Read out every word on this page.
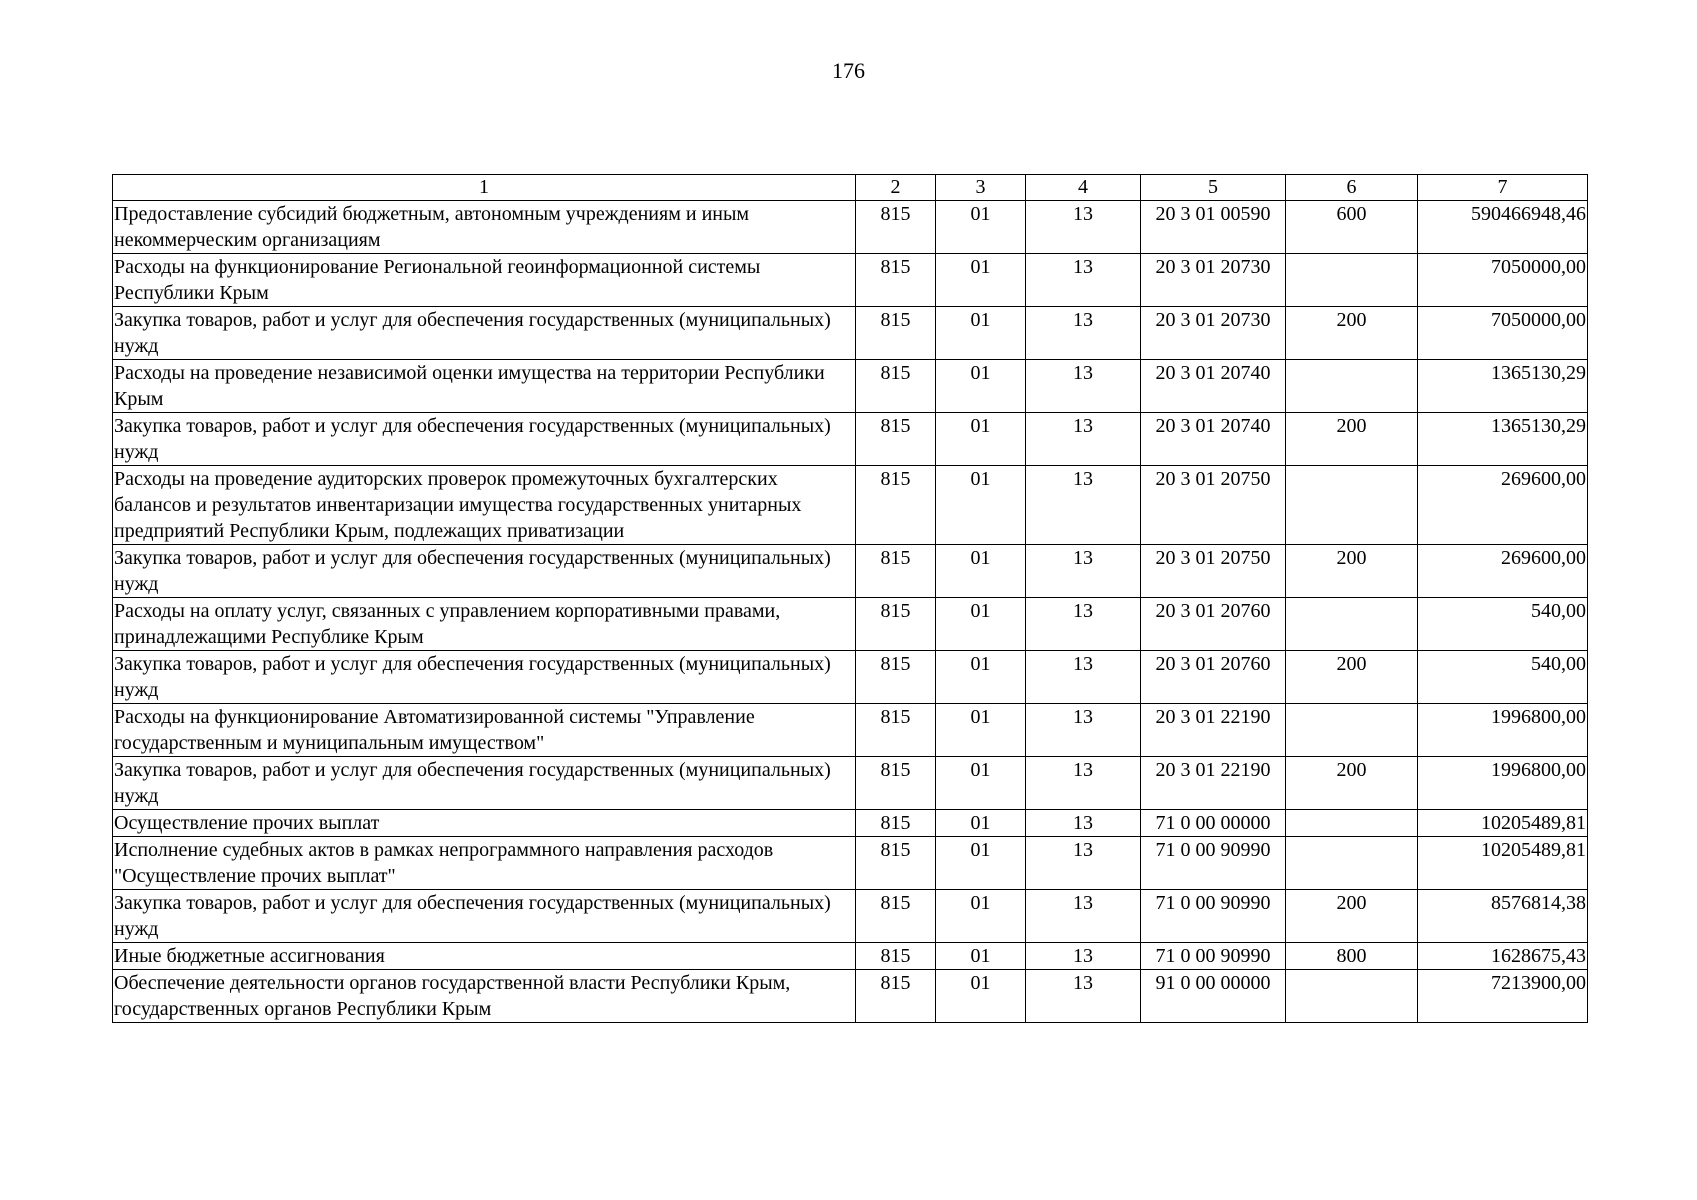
176
1	2	3	4	5	6	7
Предоставление субсидий бюджетным, автономным учреждениям и иным некоммерческим организациям	815	01	13	20 3 01 00590	600	590466948,46
Расходы на функционирование Региональной геоинформационной системы Республики Крым	815	01	13	20 3 01 20730		7050000,00
Закупка товаров, работ и услуг для обеспечения государственных (муниципальных) нужд	815	01	13	20 3 01 20730	200	7050000,00
Расходы на проведение независимой оценки имущества на территории Республики Крым	815	01	13	20 3 01 20740		1365130,29
Закупка товаров, работ и услуг для обеспечения государственных (муниципальных) нужд	815	01	13	20 3 01 20740	200	1365130,29
Расходы на проведение аудиторских проверок промежуточных бухгалтерских балансов и результатов инвентаризации имущества государственных унитарных предприятий Республики Крым, подлежащих приватизации	815	01	13	20 3 01 20750		269600,00
Закупка товаров, работ и услуг для обеспечения государственных (муниципальных) нужд	815	01	13	20 3 01 20750	200	269600,00
Расходы на оплату услуг, связанных с управлением корпоративными правами, принадлежащими Республике Крым	815	01	13	20 3 01 20760		540,00
Закупка товаров, работ и услуг для обеспечения государственных (муниципальных) нужд	815	01	13	20 3 01 20760	200	540,00
Расходы на функционирование Автоматизированной системы "Управление государственным и муниципальным имуществом"	815	01	13	20 3 01 22190		1996800,00
Закупка товаров, работ и услуг для обеспечения государственных (муниципальных) нужд	815	01	13	20 3 01 22190	200	1996800,00
Осуществление прочих выплат	815	01	13	71 0 00 00000		10205489,81
Исполнение судебных актов в рамках непрограммного направления расходов "Осуществление прочих выплат"	815	01	13	71 0 00 90990		10205489,81
Закупка товаров, работ и услуг для обеспечения государственных (муниципальных) нужд	815	01	13	71 0 00 90990	200	8576814,38
Иные бюджетные ассигнования	815	01	13	71 0 00 90990	800	1628675,43
Обеспечение деятельности органов государственной власти Республики Крым, государственных органов Республики Крым	815	01	13	91 0 00 00000		7213900,00
